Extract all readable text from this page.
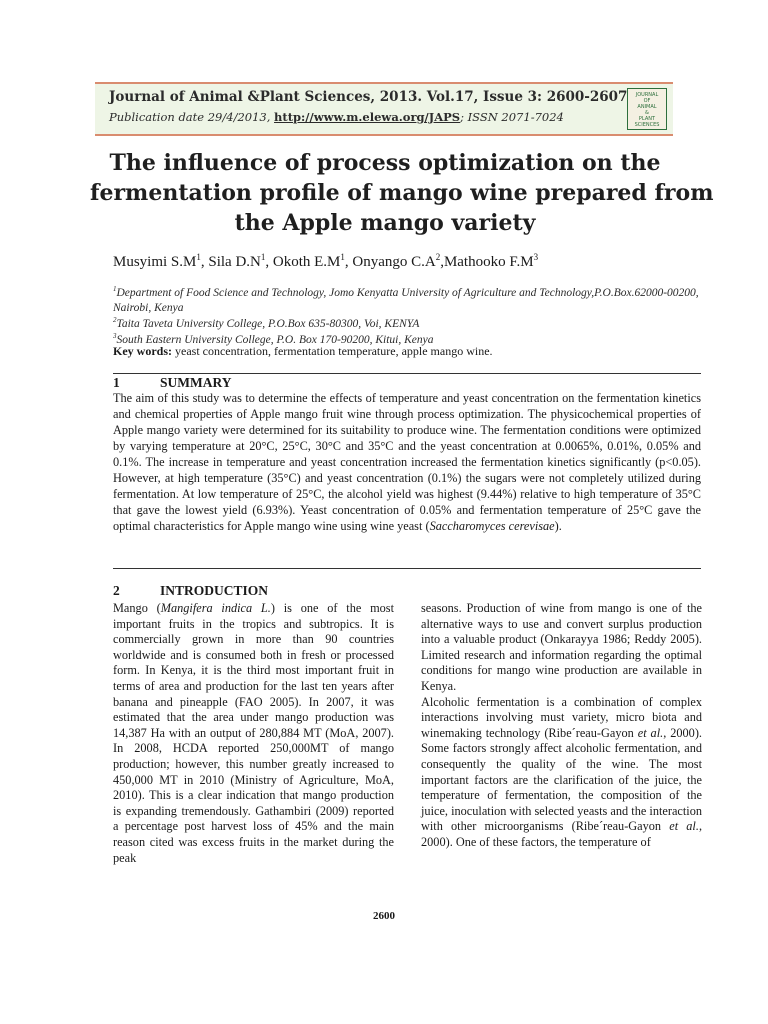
Journal of Animal &Plant Sciences, 2013. Vol.17, Issue 3: 2600-2607
Publication date 29/4/2013, http://www.m.elewa.org/JAPS; ISSN 2071-7024
JOURNAL
OF
ANIMAL
&
PLANT
SCIENCES
The influence of process optimization on the
fermentation profile of mango wine prepared from
the Apple mango variety
Musyimi $S.M^1$, Sila $D.N^1$, Okoth $E.M^1$, Onyango $C.A^2,Mathooko$ $F.M^3$
$^1$Department of Food Science and Technology, Jomo Kenyatta University of Agriculture and Technology,P.O.Box.62000-00200, Nairobi, Kenya
$^2$Taita Taveta University College, P.O.Box 635-80300, Voi, KENYA
$^3$South Eastern University College, P.O. Box 170-90200, Kitui, Kenya
Key words: yeast concentration, fermentation temperature, apple mango wine.
1	SUMMARY
The aim of this study was to determine the effects of temperature and yeast concentration on the fermentation kinetics and chemical properties of Apple mango fruit wine through process optimization. The physicochemical properties of Apple mango variety were determined for its suitability to produce wine. The fermentation conditions were optimized by varying temperature at 20°C, 25°C, 30°C and 35°C and the yeast concentration at 0.0065%, 0.01%, 0.05% and 0.1%. The increase in temperature and yeast concentration increased the fermentation kinetics significantly (p<0.05). However, at high temperature (35°C) and yeast concentration (0.1%) the sugars were not completely utilized during fermentation. At low temperature of 25°C, the alcohol yield was highest (9.44%) relative to high temperature of 35°C that gave the lowest yield (6.93%). Yeast concentration of 0.05% and fermentation temperature of 25°C gave the optimal characteristics for Apple mango wine using wine yeast (Saccharomyces cerevisae).
2	INTRODUCTION

Mango (Mangifera indica L.) is one of the most important fruits in the tropics and subtropics. It is commercially grown in more than 90 countries worldwide and is consumed both in fresh or processed form. In Kenya, it is the third most important fruit in terms of area and production for the last ten years after banana and pineapple (FAO 2005). In 2007, it was estimated that the area under mango production was 14,387 Ha with an output of 280,884 MT (MoA, 2007). In 2008, HCDA reported 250,000MT of mango production; however, this number greatly increased to 450,000 MT in 2010 (Ministry of Agriculture, MoA, 2010). This is a clear indication that mango production is expanding tremendously. Gathambiri (2009) reported a percentage post harvest loss of 45% and the main reason cited was excess fruits in the market during the peak

seasons. Production of wine from mango is one of the alternative ways to use and convert surplus production into a valuable product (Onkarayya 1986; Reddy 2005). Limited research and information regarding the optimal conditions for mango wine production are available in Kenya.

Alcoholic fermentation is a combination of complex interactions involving must variety, micro biota and winemaking technology (Ribe´reau-Gayon et al., 2000). Some factors strongly affect alcoholic fermentation, and consequently the quality of the wine. The most important factors are the clarification of the juice, the temperature of fermentation, the composition of the juice, inoculation with selected yeasts and the interaction with other microorganisms (Ribe´reau-Gayon et al., 2000). One of these factors, the temperature of

2600
